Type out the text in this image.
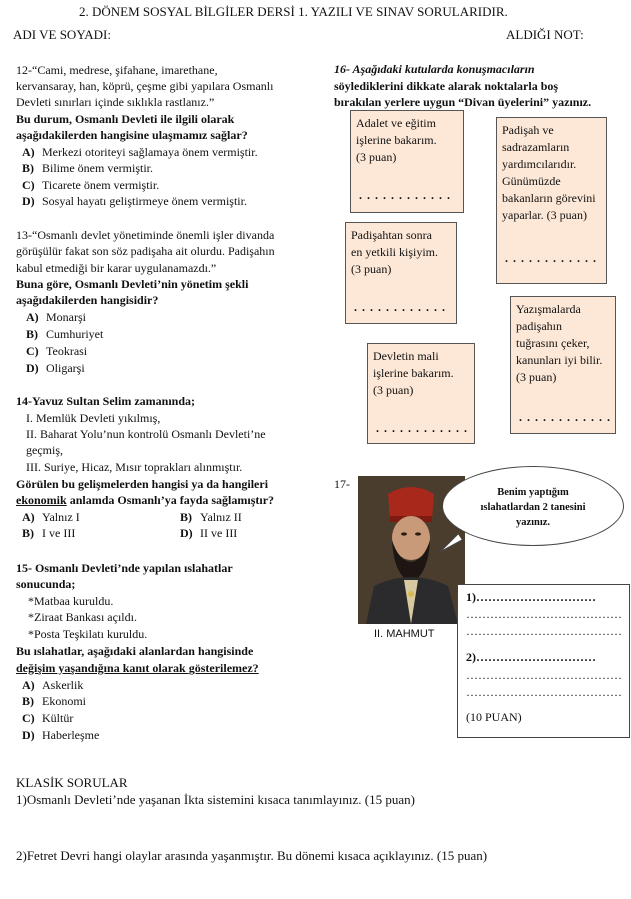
2. DÖNEM SOSYAL BİLGİLER DERSİ 1. YAZILI VE SINAV SORULARIDIR.
ADI VE SOYADI:	ALDIĞI NOT:
12-“Cami, medrese, şifahane, imarethane,
kervansaray, han, köprü, çeşme gibi yapılara Osmanlı
Devleti sınırları içinde sıklıkla rastlanız.”
Bu durum, Osmanlı Devleti ile ilgili olarak
aşağıdakilerden hangisine ulaşmamız sağlar?
A) Merkezi otoriteyi sağlamaya önem vermiştir.
B) Bilime önem vermiştir.
C) Ticarete önem vermiştir.
D) Sosyal hayatı geliştirmeye önem vermiştir.
13-“Osmanlı devlet yönetiminde önemli işler divanda
görüşülür fakat son söz padişaha ait olurdu. Padişahın
kabul etmediği bir karar uygulanamazdı.”
Buna göre, Osmanlı Devleti’nin yönetim şekli
aşağıdakilerden hangisidir?
A) Monarşi
B) Cumhuriyet
C) Teokrasi
D) Oligarşi
14-Yavuz Sultan Selim zamanında;
I. Memlük Devleti yıkılmış,
II. Baharat Yolu’nun kontrolü Osmanlı Devleti’ne
geçmiş,
III. Suriye, Hicaz, Mısır toprakları alınmıştır.
Görülen bu gelişmelerden hangisi ya da hangileri
ekonomik anlamda Osmanlı’ya fayda sağlamıştır?
A) Yalnız I	B) Yalnız II
B) I ve III	D) II ve III
15- Osmanlı Devleti’nde yapılan ıslahatlar
sonucunda;
*Matbaa kuruldu.
*Ziraat Bankası açıldı.
*Posta Teşkilatı kuruldu.
Bu ıslahatlar, aşağıdaki alanlardan hangisinde
değişim yaşandığına kanıt olarak gösterilemez?
A) Askerlik
B) Ekonomi
C) Kültür
D) Haberleşme
16- Aşağıdaki kutularda konuşmacıların
söylediklerini dikkate alarak noktalarla boş
bırakılan yerlere uygun “Divan üyelerini” yazınız.
Adalet ve eğitim
işlerine bakarım.
(3 puan)
. . . . . . . . . . . .
Padişah ve
sadrazamların
yardımcılarıdır.
Günümüzde
bakanların görevini
yaparlar. (3 puan)
. . . . . . . . . . . .
Padişahtan sonra
en yetkili kişiyim.
(3 puan)
. . . . . . . . . . . .	Yazışmalarda
padişahın
tuğrasını çeker,
kanunları iyi bilir.
(3 puan)
. . . . . . . . . . . .
Devletin mali
işlerine bakarım.
(3 puan)
. . . . . . . . . . . .
17-
II. MAHMUT
Benim yaptığım
ıslahatlardan 2 tanesini
yazınız.
1)…………………………
…………………………………
…………………………………
2)…………………………
…………………………………
…………………………………
(10 PUAN)
KLASİK SORULAR
1)Osmanlı Devleti’nde yaşanan İkta sistemini kısaca tanımlayınız. (15 puan)
2)Fetret Devri hangi olaylar arasında yaşanmıştır. Bu dönemi kısaca açıklayınız. (15 puan)
